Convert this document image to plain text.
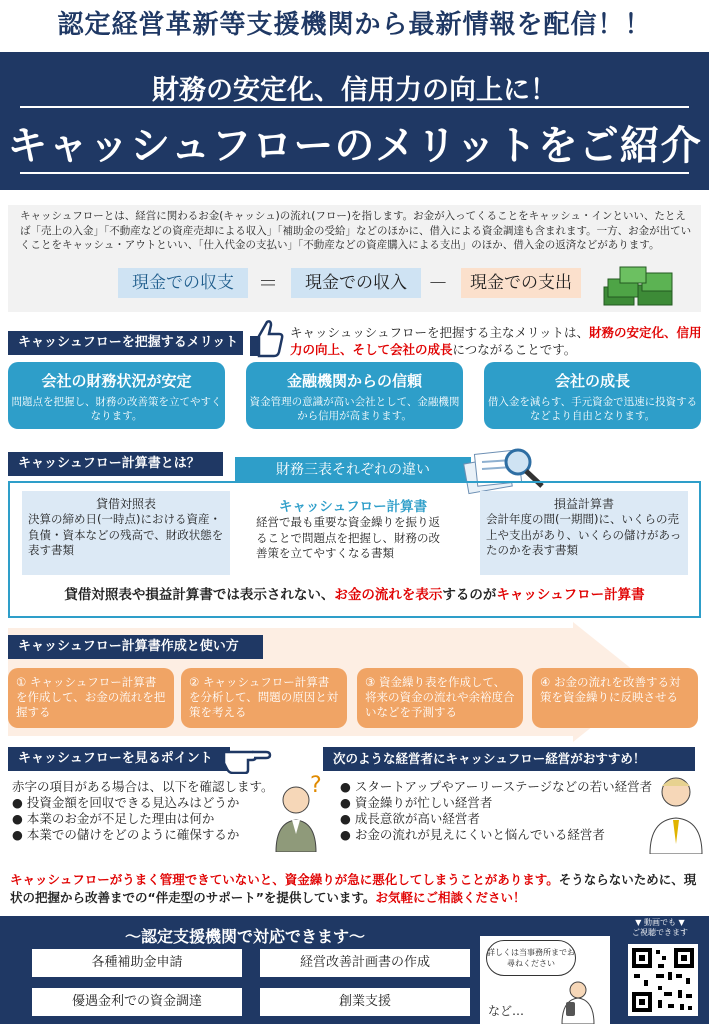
認定経営革新等支援機関から最新情報を配信！！
財務の安定化、信用力の向上に！
キャッシュフローのメリットをご紹介

キャッシュフローとは、経営に関わるお金(キャッシュ)の流れ(フロー)を指します。お金が入ってくることをキャッシュ・インといい、たとえば「売上の入金」「不動産などの資産売却による収入」「補助金の受給」などのほかに、借入による資金調達も含まれます。一方、お金が出ていくことをキャッシュ・アウトといい、「仕入代金の支払い」「不動産などの資産購入による支出」のほか、借入金の返済などがあります。

現金での収支	＝	現金での収入	－	現金での支出
キャッシュフローを把握するメリット
キャッシュッシュフローを把握する主なメリットは、財務の安定化、信用力の向上、そして会社の成長につながることです。
会社の財務状況が安定
問題点を把握し、財務の改善策を立てやすくなります。
金融機関からの信頼
資金管理の意識が高い会社として、金融機関から信用が高まります。
会社の成長
借入金を減らす、手元資金で迅速に投資するなどより自由となります。
キャッシュフロー計算書とは？	財務三表それぞれの違い
貸借対照表
決算の締め日(一時点)における資産・負債・資本などの残高で、財政状態を表す書類
キャッシュフロー計算書
経営で最も重要な資金繰りを振り返ることで問題点を把握し、財務の改善策を立てやすくなる書類
損益計算書
会計年度の間(一期間)に、いくらの売上や支出があり、いくらの儲けがあったのかを表す書類
貸借対照表や損益計算書では表示されない、お金の流れを表示するのがキャッシュフロー計算書
キャッシュフロー計算書作成と使い方
① キャッシュフロー計算書を作成して、お金の流れを把握する
② キャッシュフロー計算書を分析して、問題の原因と対策を考える
③ 資金繰り表を作成して、将来の資金の流れや余裕度合いなどを予測する
④ お金の流れを改善する対策を資金繰りに反映させる
キャッシュフローを見るポイント
赤字の項目がある場合は、以下を確認します。
● 投資金額を回収できる見込みはどうか
● 本業のお金が不足した理由は何か
● 本業での儲けをどのように確保するか
?
次のような経営者にキャッシュフロー経営がおすすめ！
● スタートアップやアーリーステージなどの若い経営者
● 資金繰りが忙しい経営者
● 成長意欲が高い経営者
● お金の流れが見えにくいと悩んでいる経営者
キャッシュフローがうまく管理できていないと、資金繰りが急に悪化してしまうことがあります。そうならないために、現状の把握から改善までの“伴走型のサポート”を提供しています。お気軽にご相談ください！
～認定支援機関で対応できます～
各種補助金申請	経営改善計画書の作成
優遇金利での資金調達	創業支援
詳しくは当事務所までお尋ねください
など…
▼ 動画でも ▼
ご視聴できます
